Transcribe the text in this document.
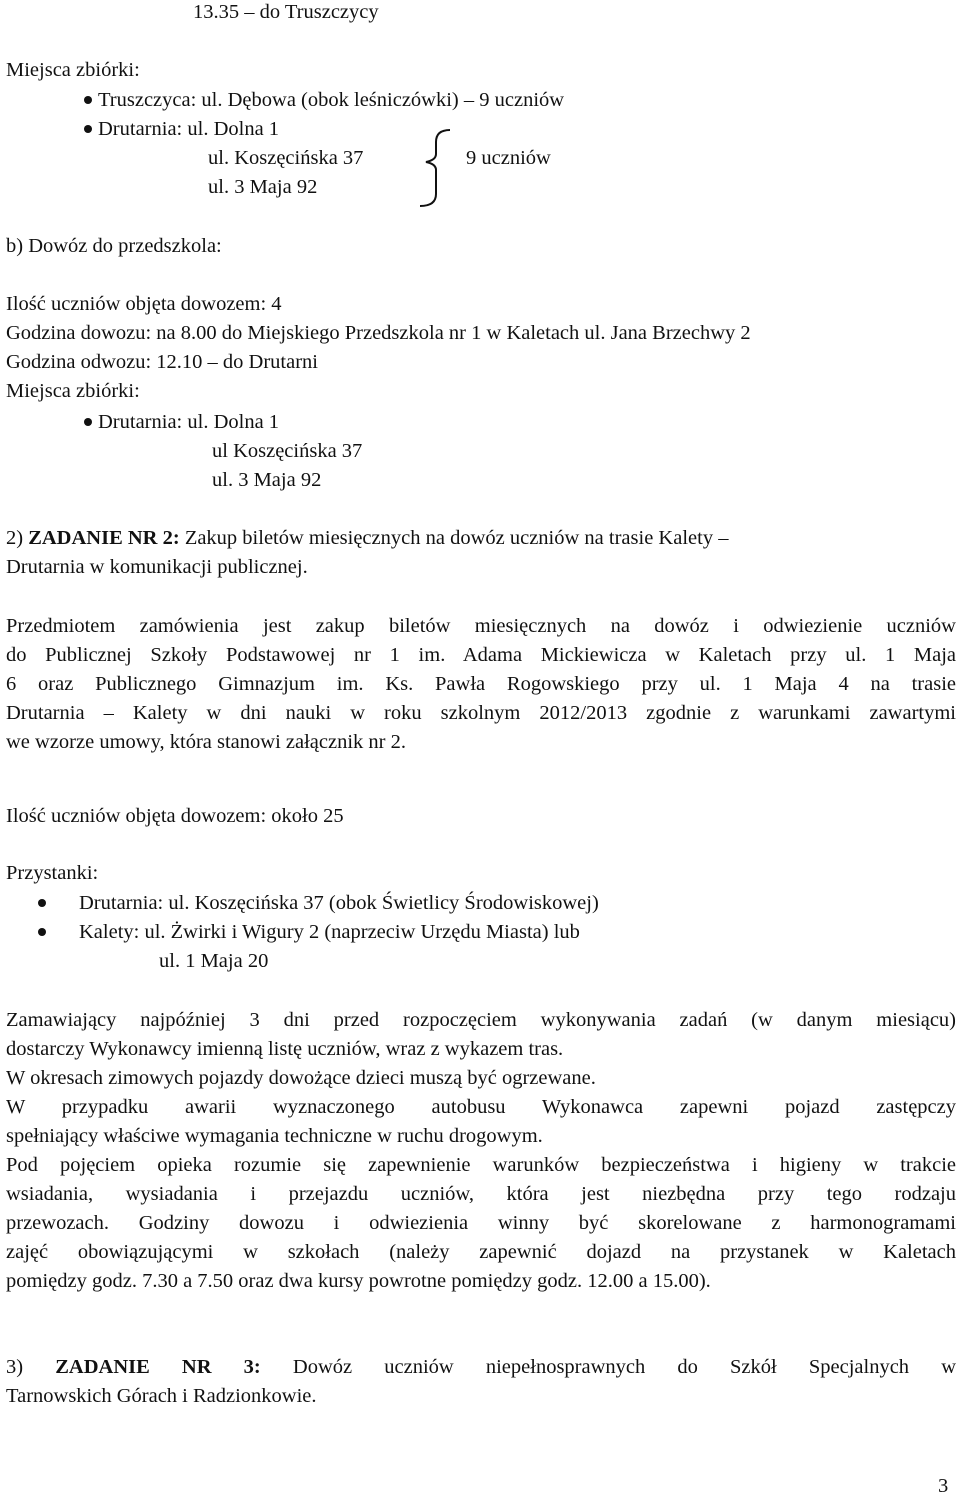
13.35 – do Truszczycy
Miejsca zbiórki:
Truszczyca: ul. Dębowa (obok leśniczówki) – 9 uczniów
Drutarnia: ul. Dolna 1
ul. Koszęcińska 37
ul. 3 Maja 92
9 uczniów
b) Dowóz do przedszkola:
Ilość uczniów objęta dowozem: 4
Godzina dowozu: na 8.00 do Miejskiego Przedszkola nr 1 w Kaletach ul. Jana Brzechwy 2
Godzina odwozu: 12.10 – do Drutarni
Miejsca zbiórki:
Drutarnia: ul. Dolna 1
ul Koszęcińska 37
ul. 3 Maja 92
2) ZADANIE NR 2: Zakup biletów miesięcznych na dowóz uczniów na trasie Kalety –
Drutarnia w komunikacji publicznej.
Przedmiotem zamówienia jest zakup biletów miesięcznych na dowóz i odwiezienie uczniów
do Publicznej Szkoły Podstawowej nr 1 im. Adama Mickiewicza w Kaletach przy ul. 1 Maja
6 oraz Publicznego Gimnazjum im. Ks. Pawła Rogowskiego przy ul. 1 Maja 4 na trasie
Drutarnia – Kalety w dni nauki w roku szkolnym 2012/2013 zgodnie z warunkami zawartymi
we wzorze umowy, która stanowi załącznik nr 2.
Ilość uczniów objęta dowozem: około 25
Przystanki:
Drutarnia: ul. Koszęcińska 37 (obok Świetlicy Środowiskowej)
Kalety: ul. Żwirki i Wigury 2 (naprzeciw Urzędu Miasta) lub
ul. 1 Maja 20
Zamawiający najpóźniej 3 dni przed rozpoczęciem wykonywania zadań (w danym miesiącu)
dostarczy Wykonawcy imienną listę uczniów, wraz z wykazem tras.
W okresach zimowych pojazdy dowożące dzieci muszą być ogrzewane.
W przypadku awarii wyznaczonego autobusu Wykonawca zapewni pojazd zastępczy
spełniający właściwe wymagania techniczne w ruchu drogowym.
Pod pojęciem opieka rozumie się zapewnienie warunków bezpieczeństwa i higieny w trakcie
wsiadania, wysiadania i przejazdu uczniów, która jest niezbędna przy tego rodzaju
przewozach. Godziny dowozu i odwiezienia winny być skorelowane z harmonogramami
zajęć obowiązującymi w szkołach (należy zapewnić dojazd na przystanek w Kaletach
pomiędzy godz. 7.30 a 7.50 oraz dwa kursy powrotne pomiędzy godz. 12.00 a 15.00).
3) ZADANIE NR 3: Dowóz uczniów niepełnosprawnych do Szkół Specjalnych w
Tarnowskich Górach i Radzionkowie.
3
